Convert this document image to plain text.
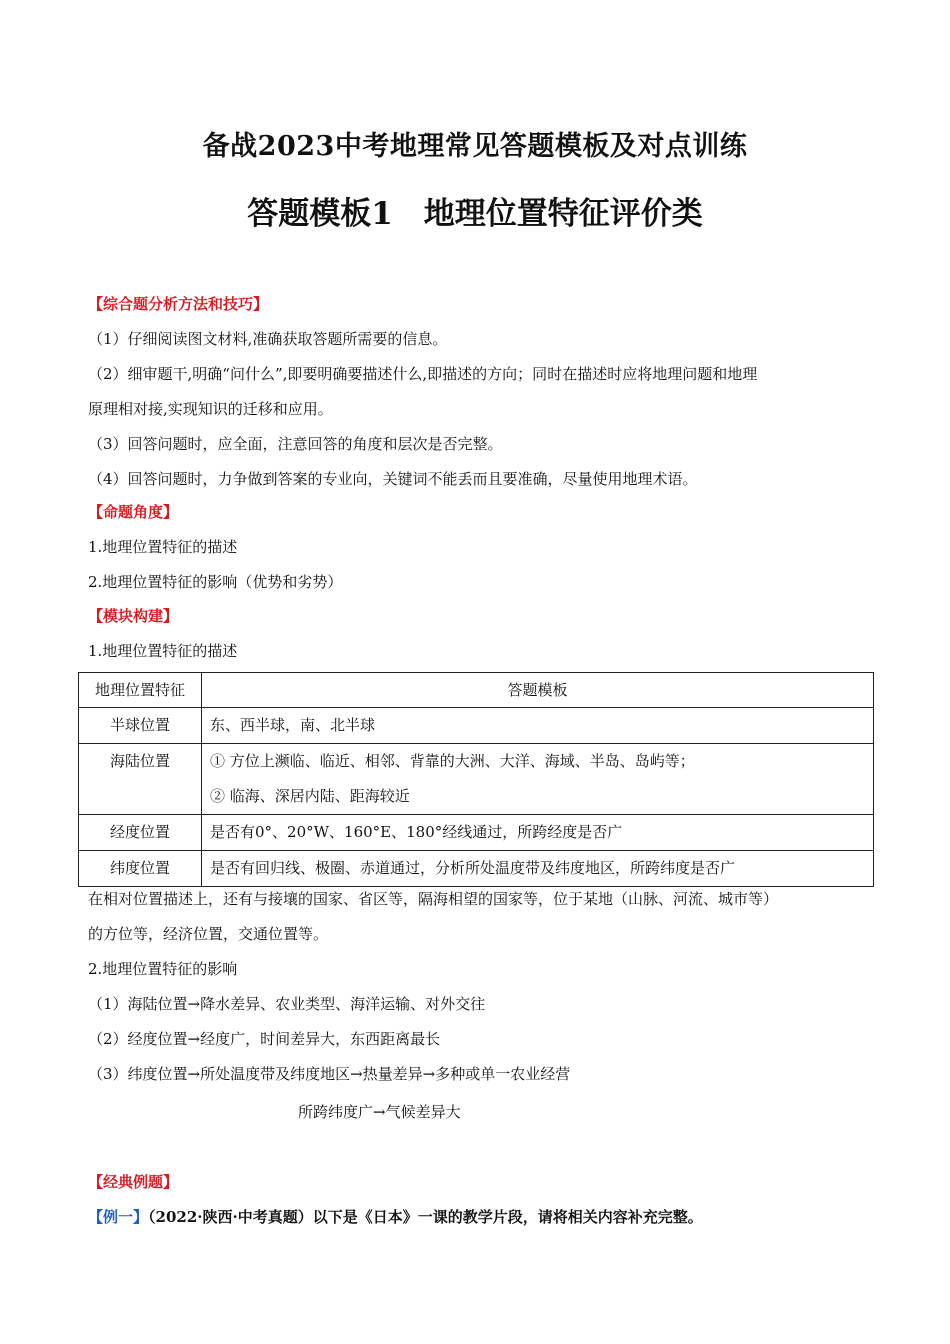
备战2023中考地理常见答题模板及对点训练
答题模板1　地理位置特征评价类
【综合题分析方法和技巧】
（1）仔细阅读图文材料,准确获取答题所需要的信息。
（2）细审题干,明确“问什么”,即要明确要描述什么,即描述的方向；同时在描述时应将地理问题和地理
原理相对接,实现知识的迁移和应用。
（3）回答问题时，应全面，注意回答的角度和层次是否完整。
（4）回答问题时，力争做到答案的专业向，关键词不能丢而且要准确，尽量使用地理术语。
【命题角度】
1.地理位置特征的描述
2.地理位置特征的影响（优势和劣势）
【模块构建】
1.地理位置特征的描述
地理位置特征	答题模板
半球位置	东、西半球，南、北半球

海陆位置	① 方位上濒临、临近、相邻、背靠的大洲、大洋、海域、半岛、岛屿等；
② 临海、深居内陆、距海较近

经度位置	是否有0°、20°W、160°E、180°经线通过，所跨经度是否广

纬度位置	是否有回归线、极圈、赤道通过，分析所处温度带及纬度地区，所跨纬度是否广
在相对位置描述上，还有与接壤的国家、省区等，隔海相望的国家等，位于某地（山脉、河流、城市等）
的方位等，经济位置，交通位置等。
2.地理位置特征的影响
（1）海陆位置→降水差异、农业类型、海洋运输、对外交往
（2）经度位置→经度广，时间差异大，东西距离最长
（3）纬度位置→所处温度带及纬度地区→热量差异→多种或单一农业经营
所跨纬度广→气候差异大
【经典例题】
【例一】（2022·陕西·中考真题）以下是《日本》一课的教学片段，请将相关内容补充完整。
